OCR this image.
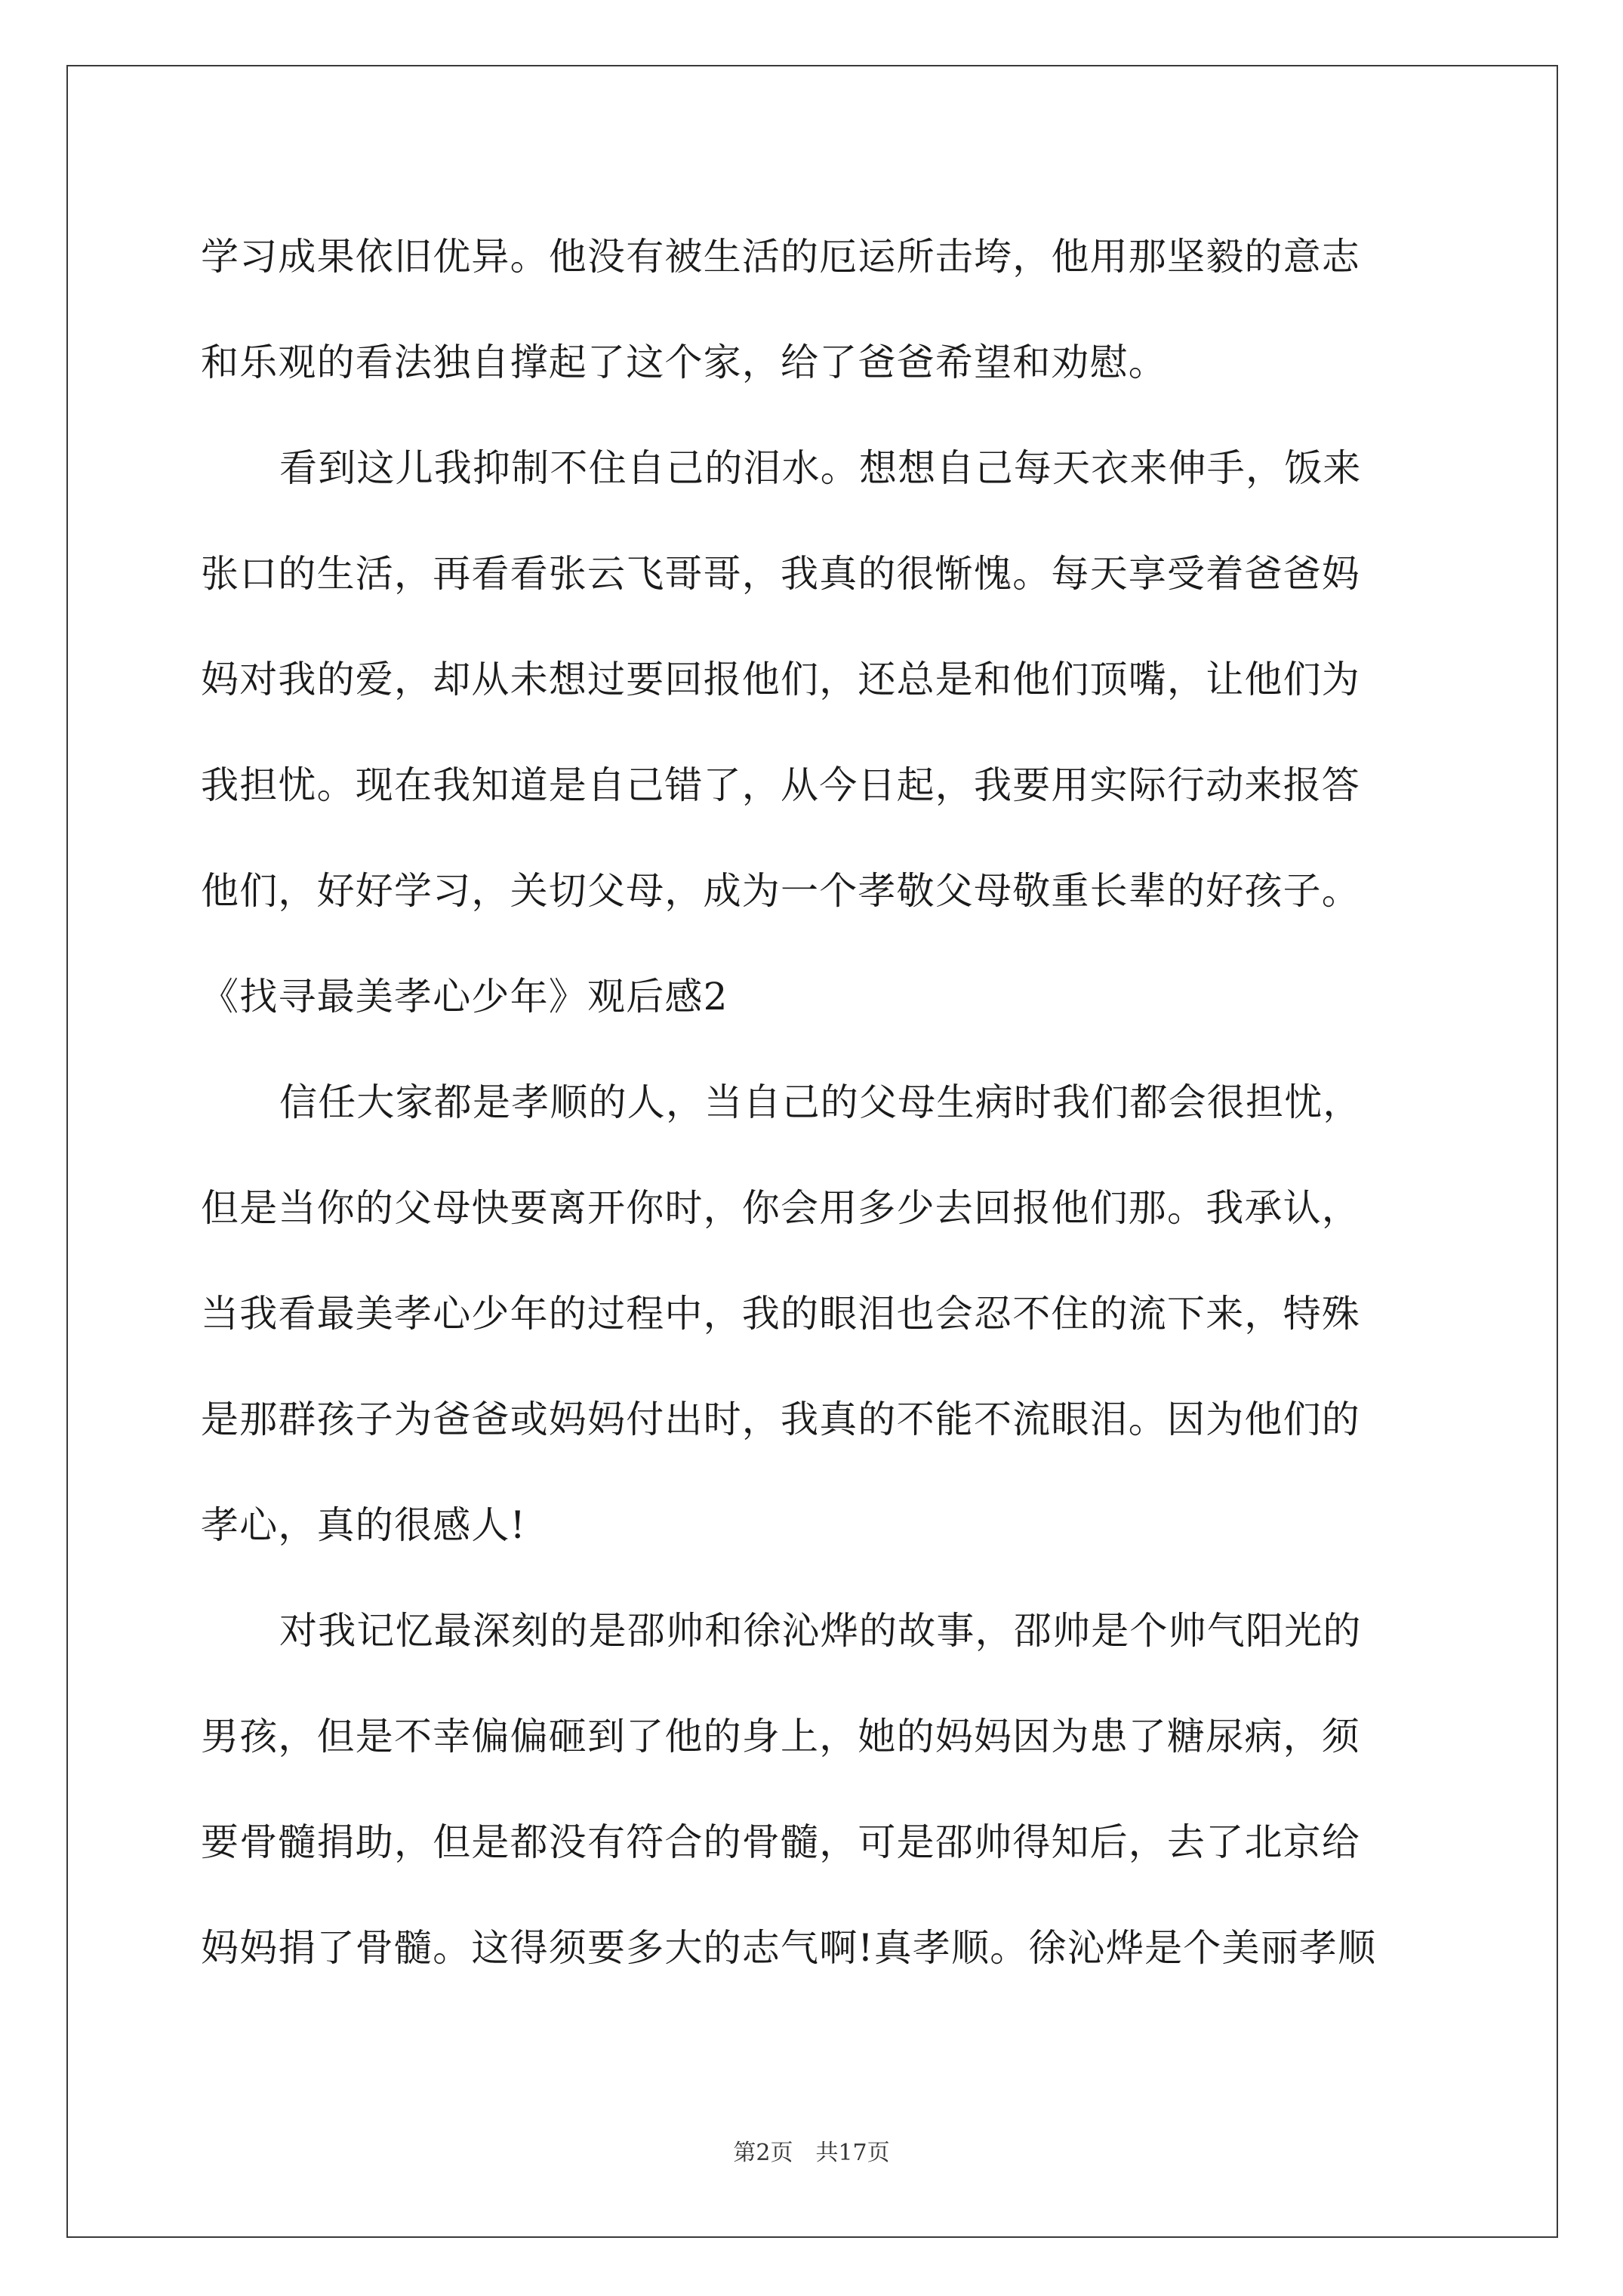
学习成果依旧优异。他没有被生活的厄运所击垮，他用那坚毅的意志
和乐观的看法独自撑起了这个家，给了爸爸希望和劝慰。
看到这儿我抑制不住自己的泪水。想想自己每天衣来伸手，饭来
张口的生活，再看看张云飞哥哥，我真的很惭愧。每天享受着爸爸妈
妈对我的爱，却从未想过要回报他们，还总是和他们顶嘴，让他们为
我担忧。现在我知道是自己错了，从今日起，我要用实际行动来报答
他们，好好学习，关切父母，成为一个孝敬父母敬重长辈的好孩子。
《找寻最美孝心少年》观后感2
信任大家都是孝顺的人，当自己的父母生病时我们都会很担忧，
但是当你的父母快要离开你时，你会用多少去回报他们那。我承认，
当我看最美孝心少年的过程中，我的眼泪也会忍不住的流下来，特殊
是那群孩子为爸爸或妈妈付出时，我真的不能不流眼泪。因为他们的
孝心，真的很感人!
对我记忆最深刻的是邵帅和徐沁烨的故事，邵帅是个帅气阳光的
男孩，但是不幸偏偏砸到了他的身上，她的妈妈因为患了糖尿病，须
要骨髓捐助，但是都没有符合的骨髓，可是邵帅得知后，去了北京给
妈妈捐了骨髓。这得须要多大的志气啊!真孝顺。徐沁烨是个美丽孝顺
第2页　共17页
